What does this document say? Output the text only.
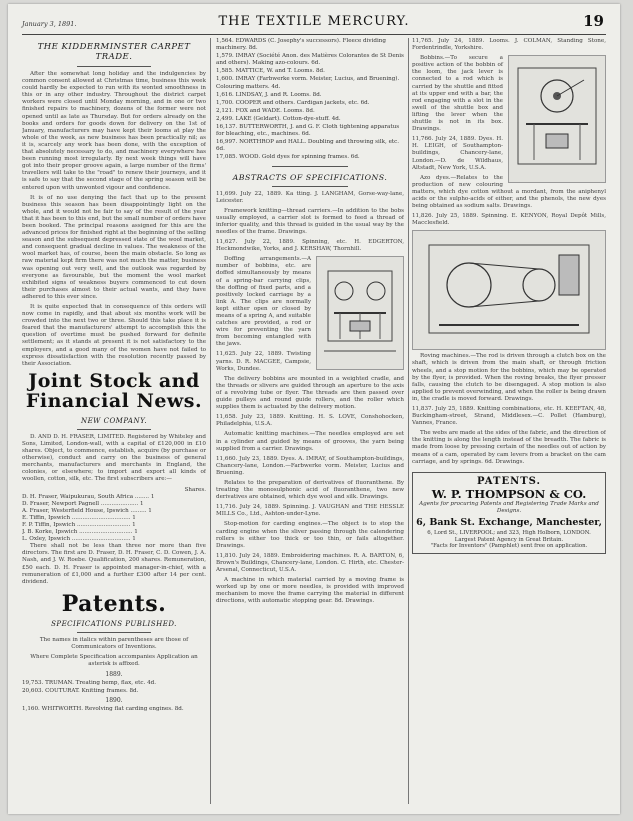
January 3, 1891.	THE TEXTILE MERCURY.	19
THE KIDDERMINSTER CARPET TRADE.

After the somewhat long holiday and the indulgencies by common consent allowed at Christmas time, business this week could hardly be expected to run with its wonted smoothness in this or in any other industry. Throughout the district carpet workers were closed until Monday morning, and in one or two finished repairs to machinery, dozens of the former were not opened until as late as Thursday. But for orders already on the books and orders for goods down for delivery on the 1st of January, manufacturers may have kept their looms at play the whole of the week, as new business has been practically nil; as it is, scarcely any work has been done, with the exception of that absolutely necessary to do, and machinery everywhere has been running most irregularly. By next week things will have got into their proper groove again, a large number of the firms' travellers will take to the "road" to renew their journeys, and it is safe to say that the second stage of the spring season will be entered upon with unwonted vigour and confidence.

It is of no use denying the fact that up to the present business this season has been disappointingly light on the whole, and it would not be fair to say of the result of the year that it has been to this end, but the small number of orders have been booked. The principal reasons assigned for this are the advanced prices for finished right at the beginning of the selling season and the subsequent depressed state of the wool market, and consequent gradual decline in values. The weakness of the wool market has, of course, been the main obstacle. So long as raw material kept firm there was not much the matter, business was opening out very well, and the outlook was regarded by everyone as favourable, but the moment the wool market exhibited signs of weakness buyers commenced to cut down their purchases almost to their actual wants, and they have adhered to this ever since.

It is quite expected that in consequence of this orders will now come in rapidly, and that about six months work will be crowded into the next two or three. Should this take place it is feared that the manufacturers' attempt to accomplish this the question of overtime must be pushed forward for definite settlement; as it stands at present it is not satisfactory to the employers, and a good many of the women have not failed to express dissatisfaction with the resolution recently passed by their Association.

Joint Stock and Financial News.
NEW COMPANY.

D. AND D. H. FRASER, LIMITED. Registered by Whiteley and Sons, Limited, London-wall, with a capital of £120,000 in £10 shares. Object, to commence, establish, acquire (by purchase or otherwise), conduct and carry on the business of general merchants, manufacturers and merchants in England, the colonies, or elsewhere; to import and export all kinds of woollen, cotton, silk, etc. The first subscribers are:—

Shares.
D. H. Fraser, Waipukurau, South Africa ........ 1
D. Fraser, Newport Pagnell ..................... 1
A. Fraser, Westerfield House, Ipswich ......... 1
E. Tiffin, Ipswich ................................. 1
F. P. Tiffin, Ipswich .............................. 1
J. B. Korke, Ipswich .............................. 1
L. Oxley, Ipswich ................................. 1

There shall not be less than three nor more than five directors. The first are D. Fraser, D. H. Fraser, C. D. Cowen, J. A. Nash, and J. W. Roebe. Qualification, 200 shares. Remuneration, £50 each. D. H. Fraser is appointed manager-in-chief, with a remuneration of £1,000 and a further £300 after 14 per cent. dividend.

Patents.
SPECIFICATIONS PUBLISHED.

The names in italics within parentheses are those of Communicators of Inventions.

Where Complete Specification accompanies Application an asterisk is affixed.

1889.
19,753. TRUMAN. Treating hemp, flax, etc. 4d.
20,603. COUTURAT. Knitting frames. 8d.
1890.
1,160. WHITWORTH. Revolving flat carding engines. 8d.
1,564. EDWARDS (C. Josephy's successors). Fleece dividing machinery. 8d.
1,579. IMRAY (Société Anon. des Matières Colorantes de St Denis and others). Making azo-colours. 6d.
1,585. MATTICE, W. and T. Looms. 8d.
1,600. IMRAY (Farbwerke vorm. Meister, Lucius, and Bruening). Colouring matters. 4d.
1,616. LINDSAY, J. and R. Looms. 8d.
1,700. COOPER and others. Cardigan jackets, etc. 6d.
2,121. FOX and WADE. Looms. 8d.
2,499. LAKE (Geldart). Cotton-dye-stuff. 4d.
16,137. BUTTERWORTH, J. and G. F. Cloth tightening apparatus for bleaching, etc., machines. 6d.
16,997. NORTHROP and HALL. Doubling and throwing silk, etc. 6d.
17,085. WOOD. Gold dyes for spinning frames. 6d.
ABSTRACTS OF SPECIFICATIONS.

11,699. July 22, 1889. Ka tting. J. LANGHAM, Gorse-way-lane, Leicester.

Framework knitting—thread carriers.—In addition to the bobs usually employed, a carrier slot is formed to feed a thread of inferior quality, and this thread is guided in the usual way by the needles of the frame. Drawings.

11,627. July 22, 1889. Spinning, etc. H. EDGERTON, Heckmondwike, Yorks, and J. KERSHAW, Thornhill.

Doffing arrangements.—A number of bobbins, etc. are doffed simultaneously by means of a spring-bar carrying clips, the doffing of fixed parts, and a positively locked carriage by a link A. The clips are normally kept either open or closed by means of a spring A, and suitable catches are provided, a rod or wire for preventing the yarn from becoming entangled with the jaws.

11,625. July 22, 1889. Twisting yarns. D. R. MACGEE, Campsie, Works, Dundee.

The delivery bobbins are mounted in a weighted cradle, and the threads or slivers are guided through an aperture to the axis of a revolving tube or flyer. The threads are then passed over guide pulleys and round guide rollers, and the roller which supplies them is actuated by the delivery motion.

11,658. July 23, 1889. Knitting. H. S. LOVE, Conshohocken, Philadelphia, U.S.A.

Automatic knitting machines.—The needles employed are set in a cylinder and guided by means of grooves, the yarn being supplied from a carrier. Drawings.

11,660. July 23, 1889. Dyes. A. IMRAY, of Southampton-buildings, Chancery-lane, London.—Farbwerke vorm. Meister, Lucius and Bruening.

Relates to the preparation of derivatives of fluoranthene. By treating the monosulphonic acid of fluoranthene, two new derivatives are obtained, which dye wool and silk. Drawings.

11,716. July 24, 1889. Spinning. J. VAUGHAN and THE HESSLE MILLS Co., Ltd., Ashton-under-Lyne.

Stop-motion for carding engines.—The object is to stop the carding engine when the sliver passing through the calendering rollers is either too thick or too thin, or fails altogether. Drawings.

11,810. July 24, 1889. Embroidering machines. R. A. BARTON, 6, Brown's Buildings, Chancery-lane, London. C. Hirth, etc. Chester-Arsenal, Connecticut, U.S.A.

A machine in which material carried by a moving frame is worked up by one or more needles, is provided with improved mechanism to move the frame carrying the material in different directions, with automatic stopping gear. 8d. Drawings.

11,765. July 24, 1889. Looms. J. COLMAN, Standing Stone, Fordentrindle, Yorkshire.

Bobbins.—To secure a positive action of the bobbin of the loom, the jack lever is connected to a rod which is carried by the shuttle and fitted at its upper end with a bar, the rod engaging with a slot in the swell of the shuttle box and lifting the lever when the shuttle is not in its box. Drawings.

11,766. July 24, 1889. Dyes. H. H. LEIGH, of Southampton-buildings, Chancery-lane, London.—D. de Wildhaus, Altstadt, New York, U.S.A.

Azo dyes.—Relates to the production of new colouring matters, which dye cotton without a mordant, from the aniphenyl acids or the sulpho-acids of either, and the phenols, the new dyes being obtained as sodium salts. Drawings.

11,826. July 25, 1889. Spinning. E. KENYON, Royal Depôt Mills, Macclesfield.

Roving machines.—The rod is driven through a clutch box on the shaft, which is driven from the main shaft, or through friction wheels, and a stop motion for the bobbins, which may be operated by the flyer, is provided. When the roving breaks, the flyer presser falls, causing the clutch to be disengaged. A stop motion is also applied to prevent overwinding, and when the roller is being drawn in, the cradle is moved forward. Drawings.

11,837. July 25, 1889. Knitting combinations, etc. H. KEEFTAN, 48, Buckingham-street, Strand, Middlesex.—C. Pollet (Hamburg), Vannes, France.

The webs are made at the sides of the fabric, and the direction of the knitting is along the length instead of the breadth. The fabric is made from loose by pressing certain of the needles out of action by means of a cam, operated by cam levers from a bracket on the cam carriage, and by springs. 6d. Drawings.

PATENTS.
W. P. THOMPSON & CO.
Agents for procuring Patents and Registering Trade Marks and Designs.
6, Bank St. Exchange, Manchester,
6, Lord St., LIVERPOOL; and 323, High Holborn, LONDON.
Largest Patent Agency in Great Britain.
"Facts for Inventors" (Pamphlet) sent free on application.
